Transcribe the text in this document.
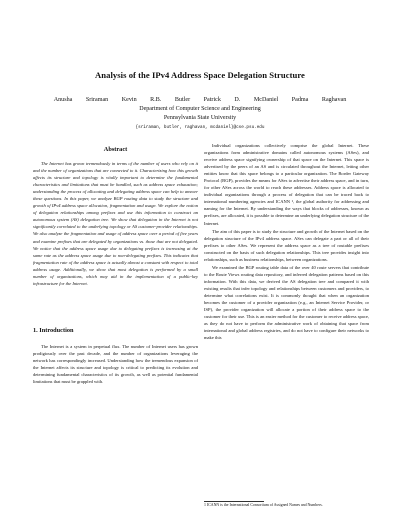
Analysis of the IPv4 Address Space Delegation Structure
Anusha Sriraman Kevin R.B. Butler Patrick D. McDaniel Padma Raghavan
Department of Computer Science and Engineering
Pennsylvania State University
{sriraman, butler, raghavan, mcdaniel}@cse.psu.edu
Abstract

The Internet has grown tremendously in terms of the number of users who rely on it and the number of organizations that are connected to it. Characterizing how this growth affects its structure and topology is vitally important to determine the fundamental characteristics and limitations that must be handled, such as address space exhaustion; understanding the process of allocating and delegating address space can help to answer these questions. In this paper, we analyze BGP routing data to study the structure and growth of IPv4 address space allocation, fragmentation and usage. We explore the notion of delegation relationships among prefixes and use this information to construct an autonomous system (AS) delegation tree. We show that delegation in the Internet is not significantly correlated to the underlying topology or AS customer-provider relationships. We also analyze the fragmentation and usage of address space over a period of five years and examine prefixes that are delegated by organizations vs. those that are not delegated. We notice that the address space usage due to delegating prefixes is increasing at the same rate as the address space usage due to non-delegating prefixes. This indicates that fragmentation rate of the address space is actually almost a constant with respect to total address usage. Additionally, we show that most delegation is performed by a small number of organizations, which may aid in the implementation of a public-key infrastructure for the Internet.

1. Introduction

The Internet is a system in perpetual flux. The number of Internet users has grown prodigiously over the past decade, and the number of organizations leveraging the network has correspondingly increased. Understanding how the tremendous expansion of the Internet affects its structure and topology is critical to predicting its evolution and determining fundamental characteristics of its growth, as well as potential fundamental limitations that must be grappled with.

Individual organizations collectively comprise the global Internet. These organizations form administrative domains called autonomous systems (ASes), and receive address space signifying ownership of that space on the Internet. This space is advertised by the peers of an AS and is circulated throughout the Internet, letting other entities know that this space belongs to a particular organization. The Border Gateway Protocol (BGP), provides the means for ASes to advertise their address space, and in turn, for other ASes across the world to reach these addresses. Address space is allocated to individual organizations through a process of delegation that can be traced back to international numbering agencies and ICANN ¹, the global authority for addressing and naming for the Internet. By understanding the ways that blocks of addresses, known as prefixes, are allocated, it is possible to determine an underlying delegation structure of the Internet.

The aim of this paper is to study the structure and growth of the Internet based on the delegation structure of the IPv4 address space. ASes can delegate a part or all of their prefixes to other ASes. We represent the address space as a tree of routable prefixes constructed on the basis of such delegation relationships. This tree provides insight into relationships, such as business relationships, between organizations.

We examined the BGP routing table data of the over 40 route servers that contribute to the Route Views routing data repository, and inferred delegation patterns based on this information. With this data, we derived the AS delegation tree and compared it with existing results that infer topology and relationships between customers and providers, to determine what correlations exist. It is commonly thought that when an organization becomes the customer of a provider organization (e.g., an Internet Service Provider, or ISP), the provider organization will allocate a portion of their address space to the customer for their use. This is an easier method for the customer to receive address space, as they do not have to perform the administrative work of obtaining that space from international and global address registries, and do not have to configure their networks to make this

1 ICANN is the International Consortium of Assigned Names and Numbers.
